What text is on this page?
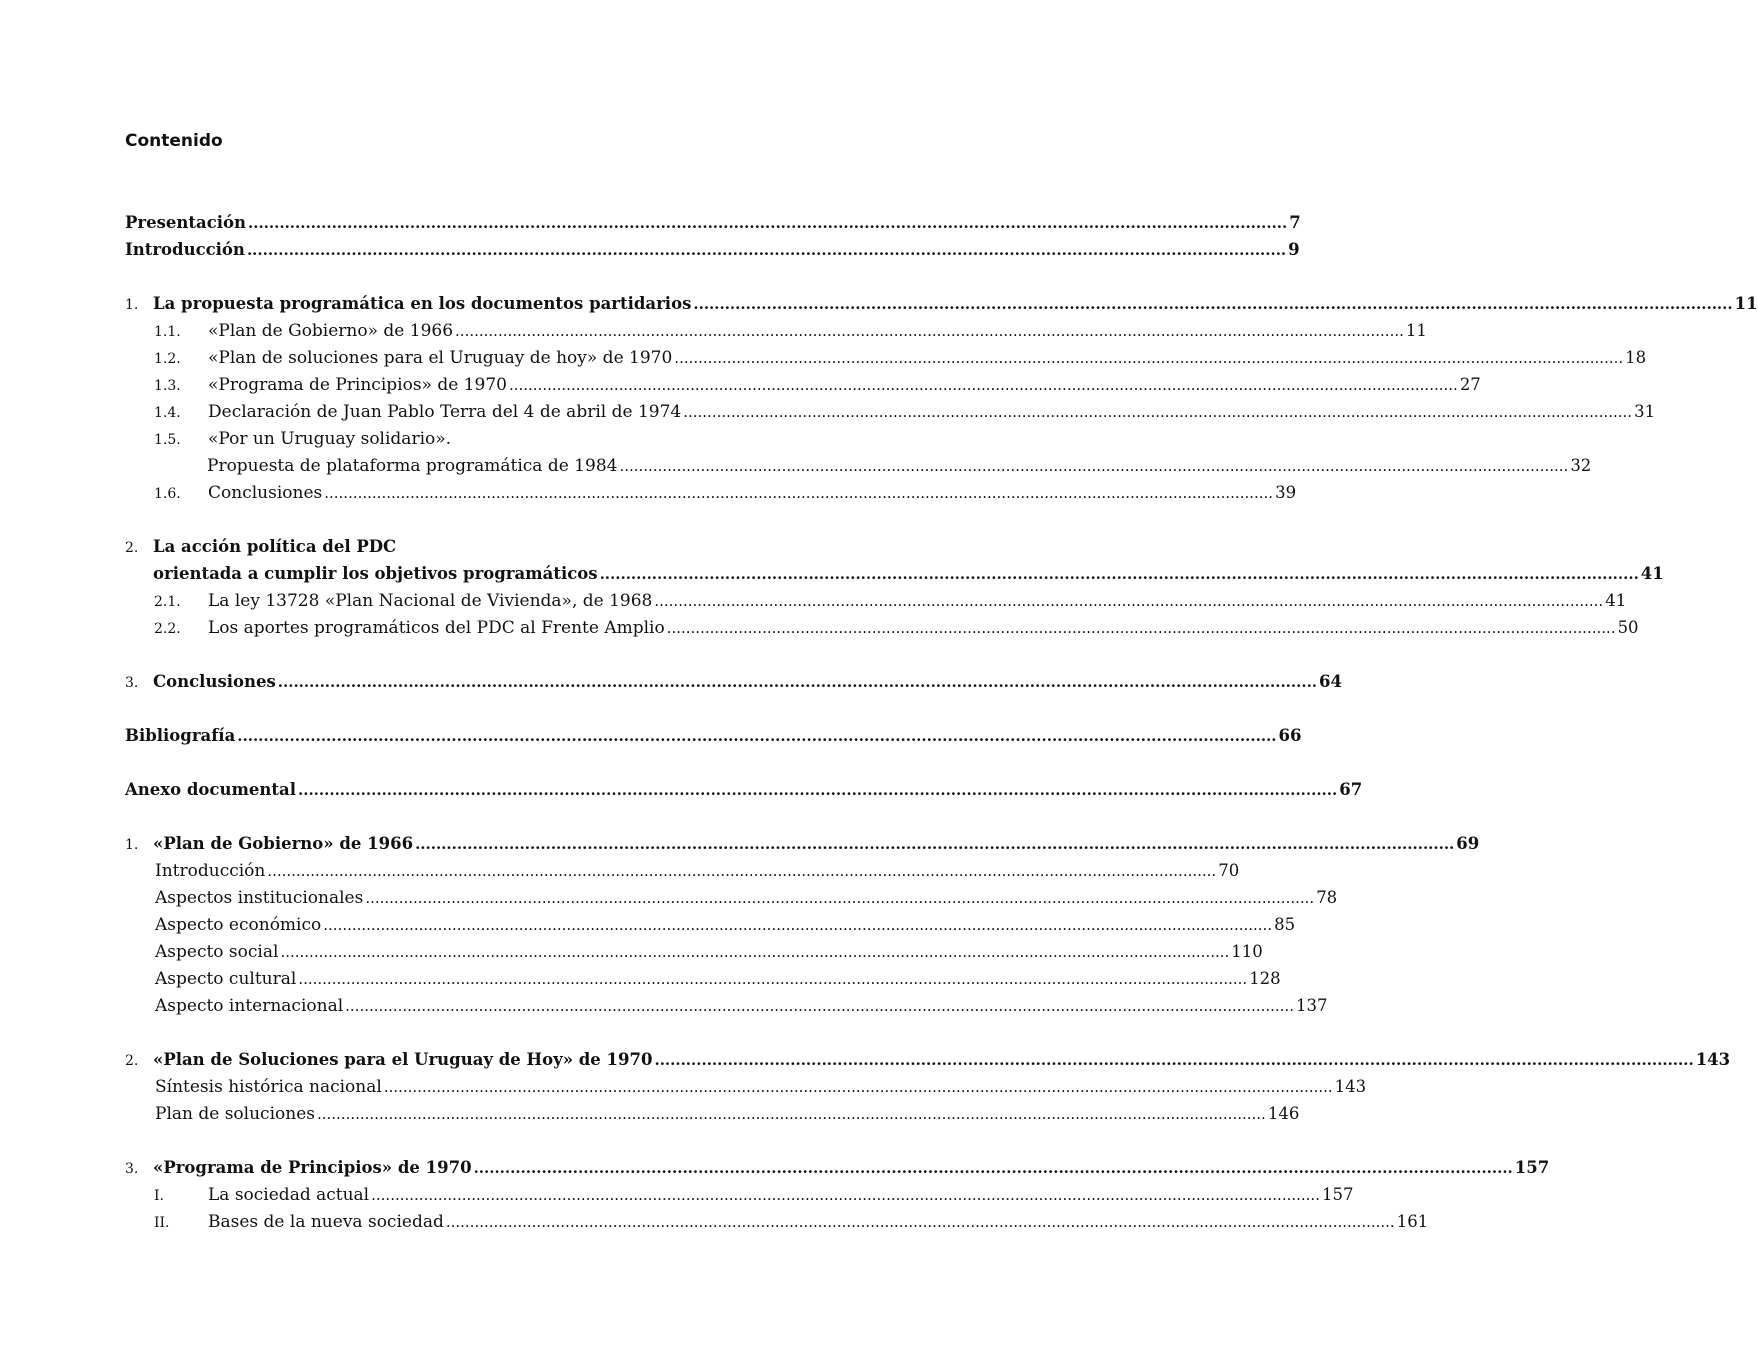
Contenido
Presentación .....	7
Introducción .....	9
1. La propuesta programática en los documentos partidarios .....	11
1.1.	«Plan de Gobierno» de 1966 .....	11
1.2.	«Plan de soluciones para el Uruguay de hoy» de 1970 .....	18
1.3.	«Programa de Principios» de 1970 .....	27
1.4.	Declaración de Juan Pablo Terra del 4 de abril de 1974 .....	31
1.5.	«Por un Uruguay solidario».
Propuesta de plataforma programática de 1984 .....	32
1.6.	Conclusiones .....	39
2. La acción política del PDC
orientada a cumplir los objetivos programáticos .....	41
2.1.	La ley 13728 «Plan Nacional de Vivienda», de 1968 .....	41
2.2.	Los aportes programáticos del PDC al Frente Amplio .....	50
3. Conclusiones .....	64
Bibliografía .....	66
Anexo documental .....	67
1. «Plan de Gobierno» de 1966 .....	69
Introducción .....	70
Aspectos institucionales .....	78
Aspecto económico .....	85
Aspecto social .....	110
Aspecto cultural .....	128
Aspecto internacional .....	137
2. «Plan de Soluciones para el Uruguay de Hoy» de 1970 .....	143
Síntesis histórica nacional .....	143
Plan de soluciones .....	146
3. «Programa de Principios» de 1970 .....	157
I.	La sociedad actual .....	157
II.	Bases de la nueva sociedad .....	161
